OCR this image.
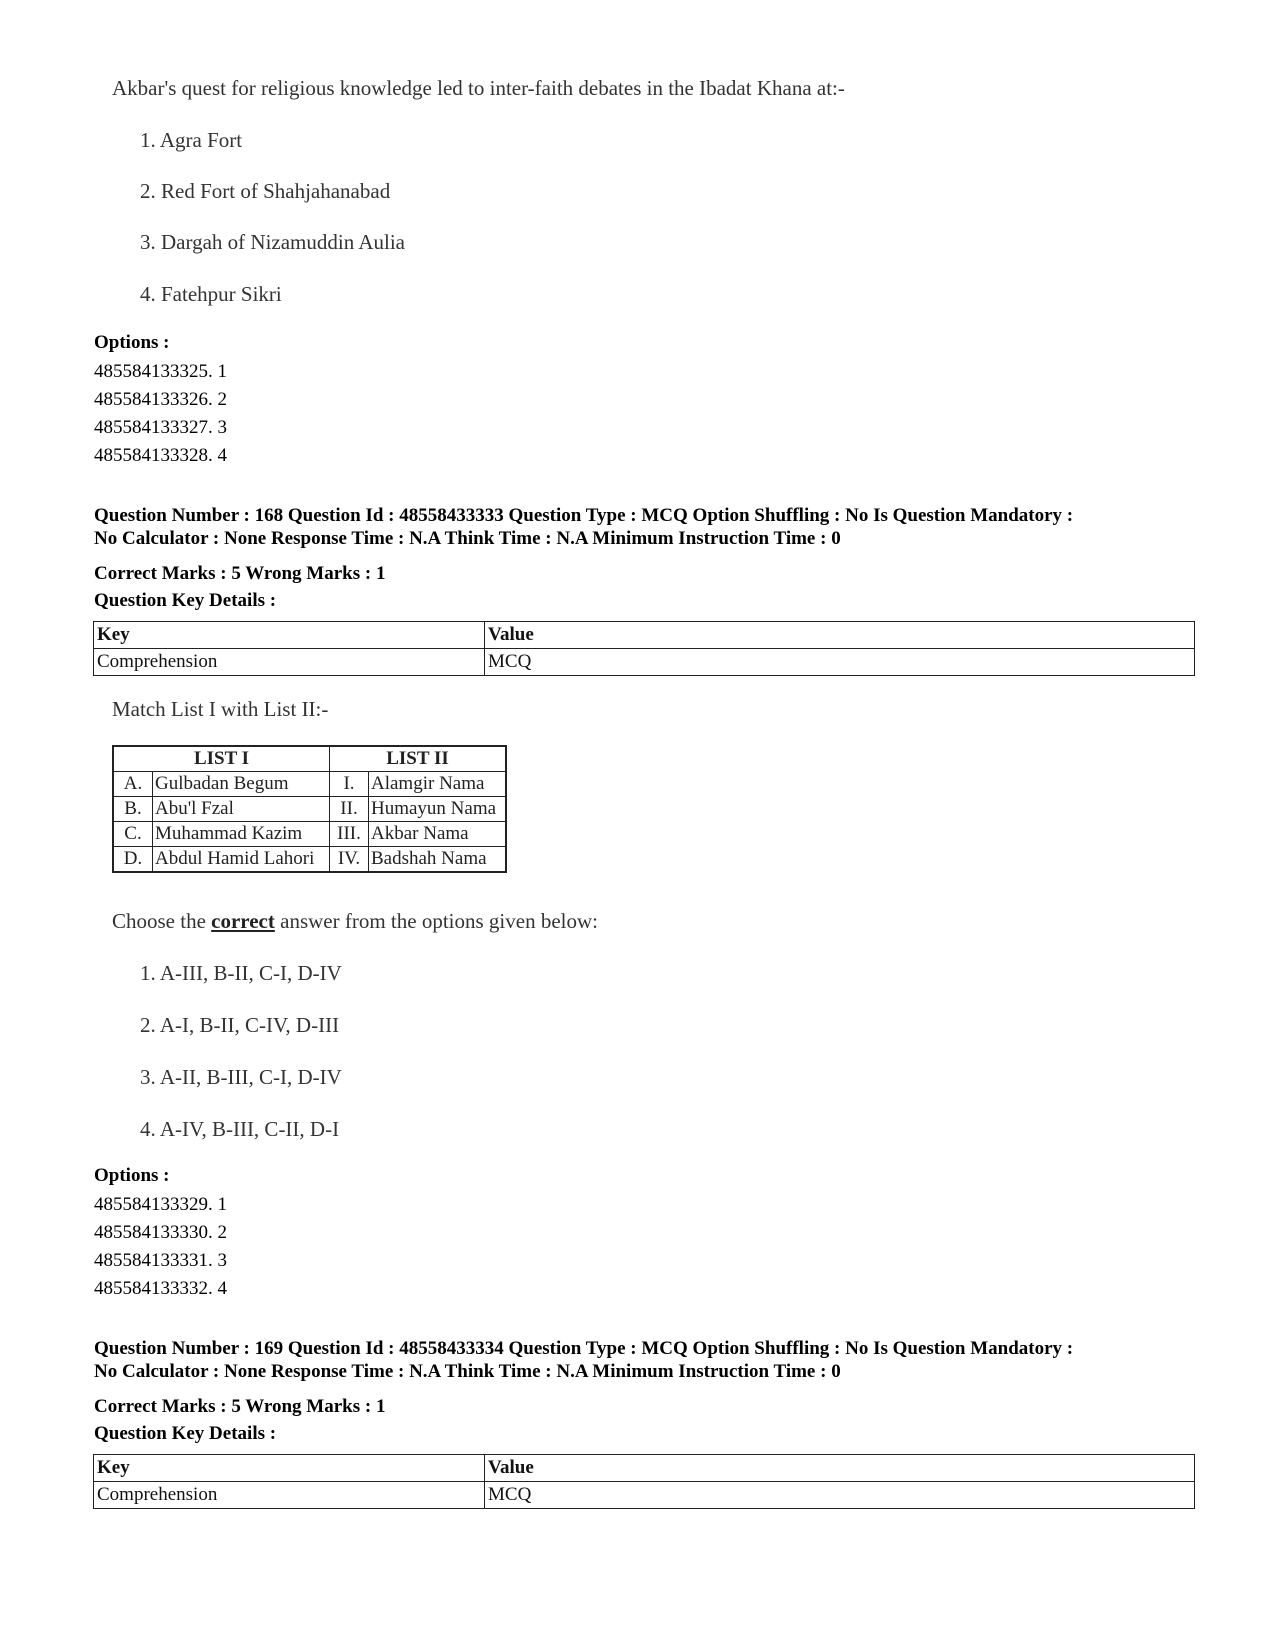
Akbar's quest for religious knowledge led to inter-faith debates in the Ibadat Khana at:-
1. Agra Fort
2. Red Fort of Shahjahanabad
3. Dargah of Nizamuddin Aulia
4. Fatehpur Sikri
Options :
485584133325. 1
485584133326. 2
485584133327. 3
485584133328. 4
Question Number : 168 Question Id : 48558433333 Question Type : MCQ Option Shuffling : No Is Question Mandatory :
No Calculator : None Response Time : N.A Think Time : N.A Minimum Instruction Time : 0
Correct Marks : 5 Wrong Marks : 1
Question Key Details :
Key	Value
Comprehension	MCQ
Match List I with List II:-
LIST I		LIST II	
A.	Gulbadan Begum	I.	Alamgir Nama
B.	Abu'l Fzal	II.	Humayun Nama
C.	Muhammad Kazim	III.	Akbar Nama
D.	Abdul Hamid Lahori	IV.	Badshah Nama
Choose the correct answer from the options given below:
1. A-III, B-II, C-I, D-IV
2. A-I, B-II, C-IV, D-III
3. A-II, B-III, C-I, D-IV
4. A-IV, B-III, C-II, D-I
Options :
485584133329. 1
485584133330. 2
485584133331. 3
485584133332. 4
Question Number : 169 Question Id : 48558433334 Question Type : MCQ Option Shuffling : No Is Question Mandatory :
No Calculator : None Response Time : N.A Think Time : N.A Minimum Instruction Time : 0
Correct Marks : 5 Wrong Marks : 1
Question Key Details :
Key	Value
Comprehension	MCQ
